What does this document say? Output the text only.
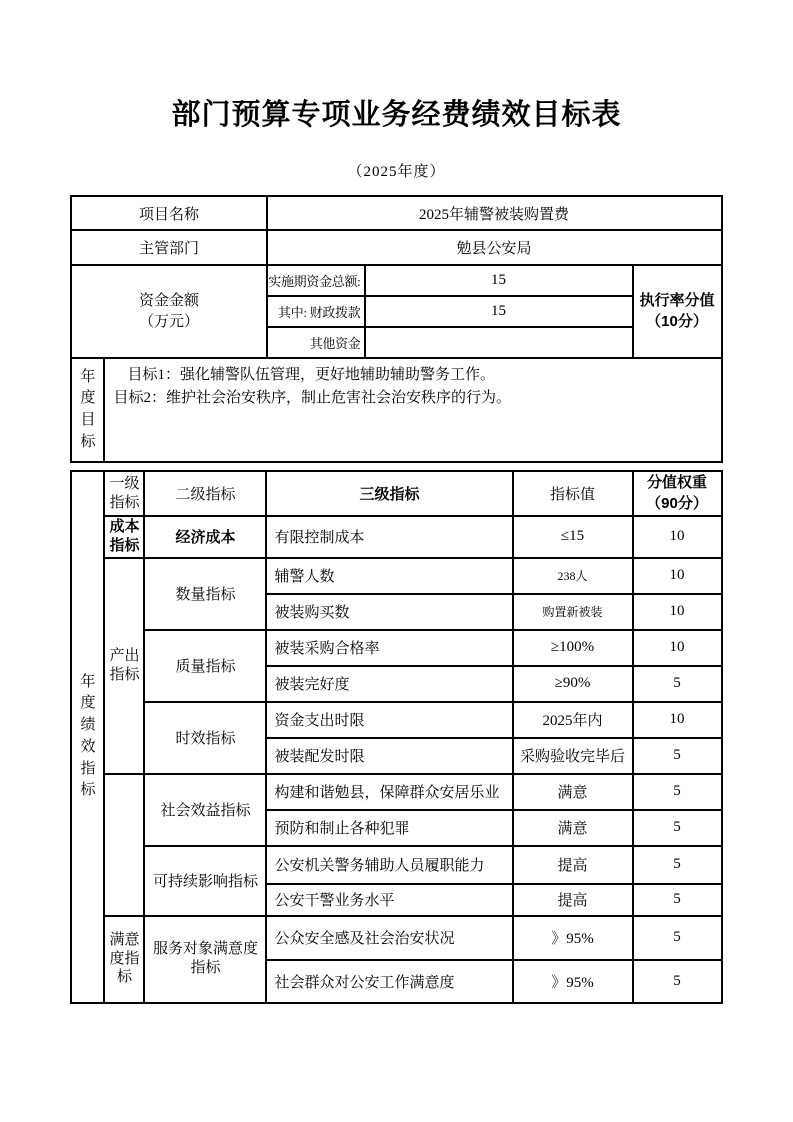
部门预算专项业务经费绩效目标表
（2025年度）
项目名称		2025年辅警被装购置费		
主管部门		勉县公安局		

资金金额
（万元）		实施期资金总额:	15	执行率分值
（10分）

		其中: 财政拨款	15	
		其他资金		
年度目标	目标1：强化辅警队伍管理，更好地辅助辅助警务工作。
目标2：维护社会治安秩序，制止危害社会治安秩序的行为。			
年度绩效指标	一级指标	二级指标	三级指标	指标值	分值权重
（90分）

	成本指标	经济成本	有限控制成本	≤15	10
	产出指标	数量指标	辅警人数	238人	10
			被装购买数	购置新被装	10
		质量指标	被装采购合格率	≥100%	10
			被装完好度	≥90%	5
		时效指标	资金支出时限	2025年内	10
			被装配发时限	采购验收完毕后	5
		社会效益指标	构建和谐勉县，保障群众安居乐业	满意	5
			预防和制止各种犯罪	满意	5
		可持续影响指标	公安机关警务辅助人员履职能力	提高	5
			公安干警业务水平	提高	5
	满意度指标	服务对象满意度指标	公众安全感及社会治安状况	》95%	5
			社会群众对公安工作满意度	》95%	5
